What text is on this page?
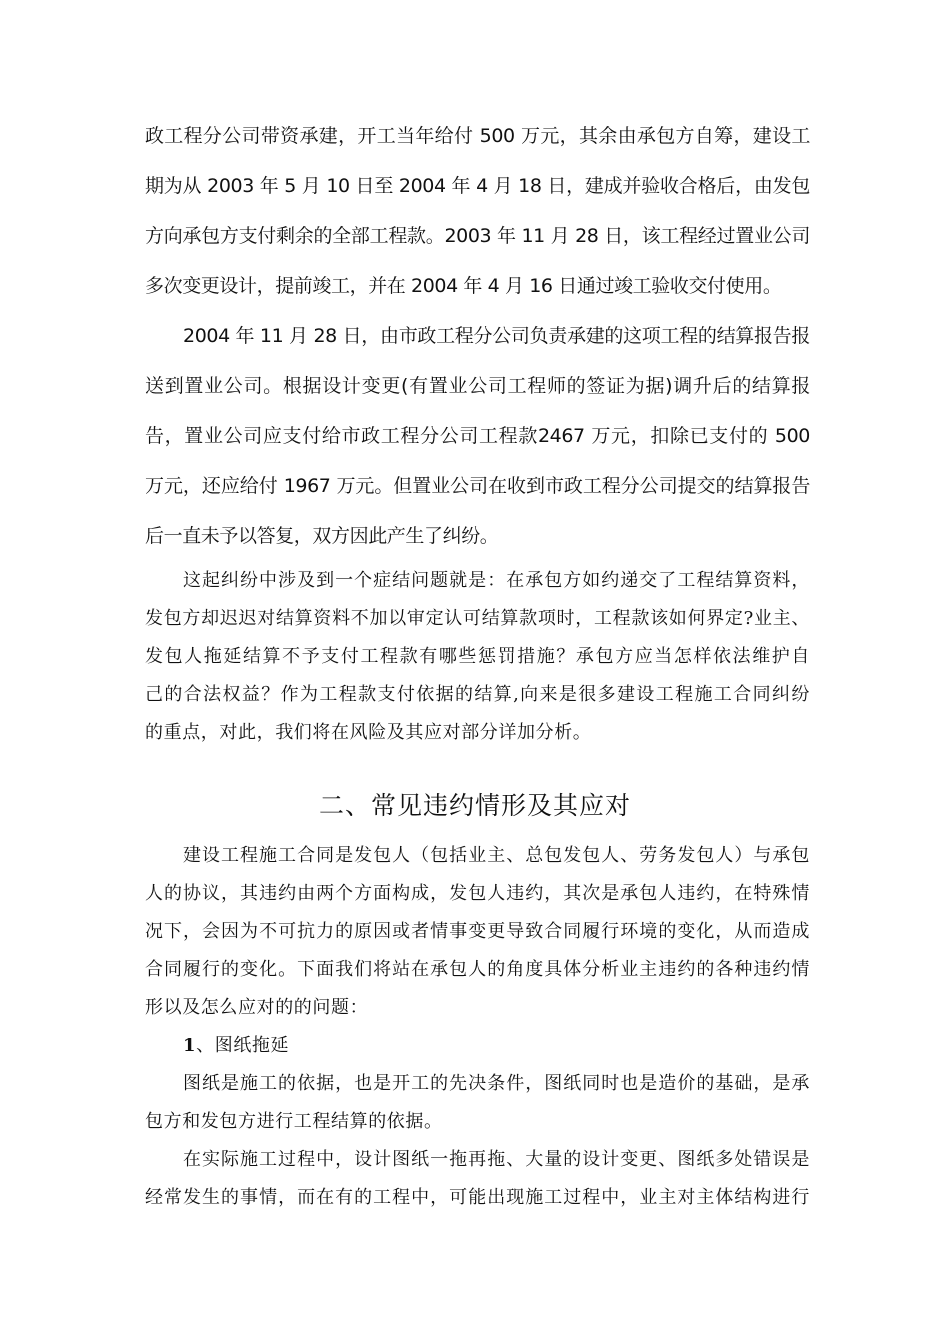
政工程分公司带资承建，开工当年给付 500 万元，其余由承包方自筹，建设工
期为从 2003 年 5 月 10 日至 2004 年 4 月 18 日，建成并验收合格后，由发包
方向承包方支付剩余的全部工程款。2003 年 11 月 28 日，该工程经过置业公司
多次变更设计，提前竣工，并在 2004 年 4 月 16 日通过竣工验收交付使用。
2004 年 11 月 28 日，由市政工程分公司负责承建的这项工程的结算报告报
送到置业公司。根据设计变更(有置业公司工程师的签证为据)调升后的结算报
告，置业公司应支付给市政工程分公司工程款2467 万元，扣除已支付的 500
万元，还应给付 1967 万元。但置业公司在收到市政工程分公司提交的结算报告
后一直未予以答复，双方因此产生了纠纷。
这起纠纷中涉及到一个症结问题就是：在承包方如约递交了工程结算资料，
发包方却迟迟对结算资料不加以审定认可结算款项时，工程款该如何界定?业主、
发包人拖延结算不予支付工程款有哪些惩罚措施？承包方应当怎样依法维护自
己的合法权益？作为工程款支付依据的结算,向来是很多建设工程施工合同纠纷
的重点，对此，我们将在风险及其应对部分详加分析。
二、常见违约情形及其应对
建设工程施工合同是发包人（包括业主、总包发包人、劳务发包人）与承包
人的协议，其违约由两个方面构成，发包人违约，其次是承包人违约，在特殊情
况下，会因为不可抗力的原因或者情事变更导致合同履行环境的变化，从而造成
合同履行的变化。下面我们将站在承包人的角度具体分析业主违约的各种违约情
形以及怎么应对的的问题：
1、图纸拖延
图纸是施工的依据，也是开工的先决条件，图纸同时也是造价的基础，是承
包方和发包方进行工程结算的依据。
在实际施工过程中，设计图纸一拖再拖、大量的设计变更、图纸多处错误是
经常发生的事情，而在有的工程中，可能出现施工过程中，业主对主体结构进行
